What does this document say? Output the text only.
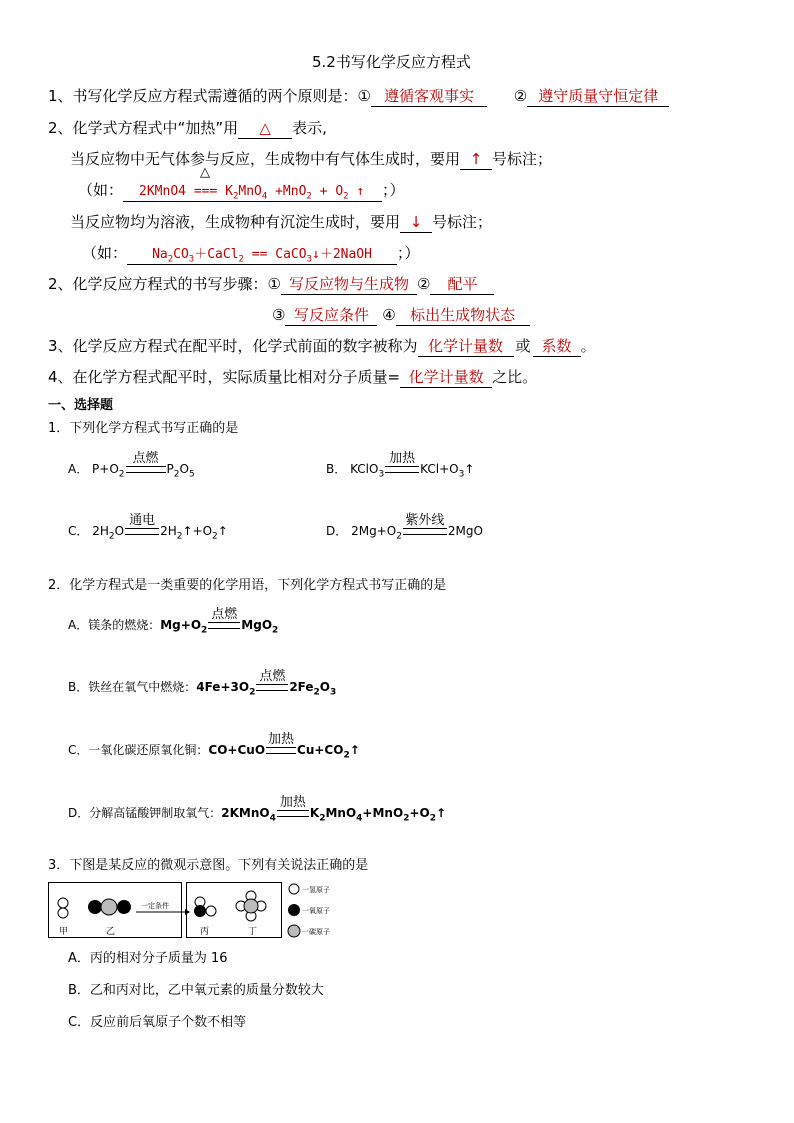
5.2书写化学反应方程式
1、书写化学反应方程式需遵循的两个原则是：① 遵循客观事实	② 遵守质量守恒定律
2、化学式方程式中“加热”用 △ 表示,
当反应物中无气体参与反应，生成物中有气体生成时，要用 ↑ 号标注；
△
（如： 2KMnO4 === $K_2MnO_4 +MnO_2 + O_2$ ↑ ；）
当反应物均为溶液，生成物种有沉淀生成时，要用 ↓ 号标注；
（如： $Na_2CO_3+CaCl_2$ == CaCO$_3$↓＋2NaOH ；）
2、化学反应方程式的书写步骤：① 写反应物与生成物 ② 配平
③ 写反应条件 ④ 标出生成物状态
3、化学反应方程式在配平时，化学式前面的数字被称为 化学计量数 或 系数 。
4、在化学方程式配平时，实际质量比相对分子质量= 化学计量数 之比。
一、选择题
1．下列化学方程式书写正确的是
A． $P+O_2$
点燃
$P_2O_5$	B． KClO$_3$
加热
$KCl+O_3↑$
C． $2H_2O$
通电
$2H_2↑+O_2↑$	D． $2Mg+O_2$
紫外线
2MgO
2．化学方程式是一类重要的化学用语，下列化学方程式书写正确的是
A．镁条的燃烧：$Mg+O_2$
点燃
MgO$_2$
B．铁丝在氧气中燃烧：$4Fe+3O_2$
点燃
$2Fe_2O_3$
C．一氧化碳还原氧化铜：CO+CuO
加热
$Cu+CO_2↑$
D．分解高锰酸钾制取氧气：2KMnO$_4$
加热
$K_2MnO_4+MnO_2+O_2↑$
3．下图是某反应的微观示意图。下列有关说法正确的是
甲	乙
一定条件
丙	丁
一氢原子
一氧原子
一碳原子
A．丙的相对分子质量为 16
B．乙和丙对比，乙中氧元素的质量分数较大
C．反应前后氧原子个数不相等
